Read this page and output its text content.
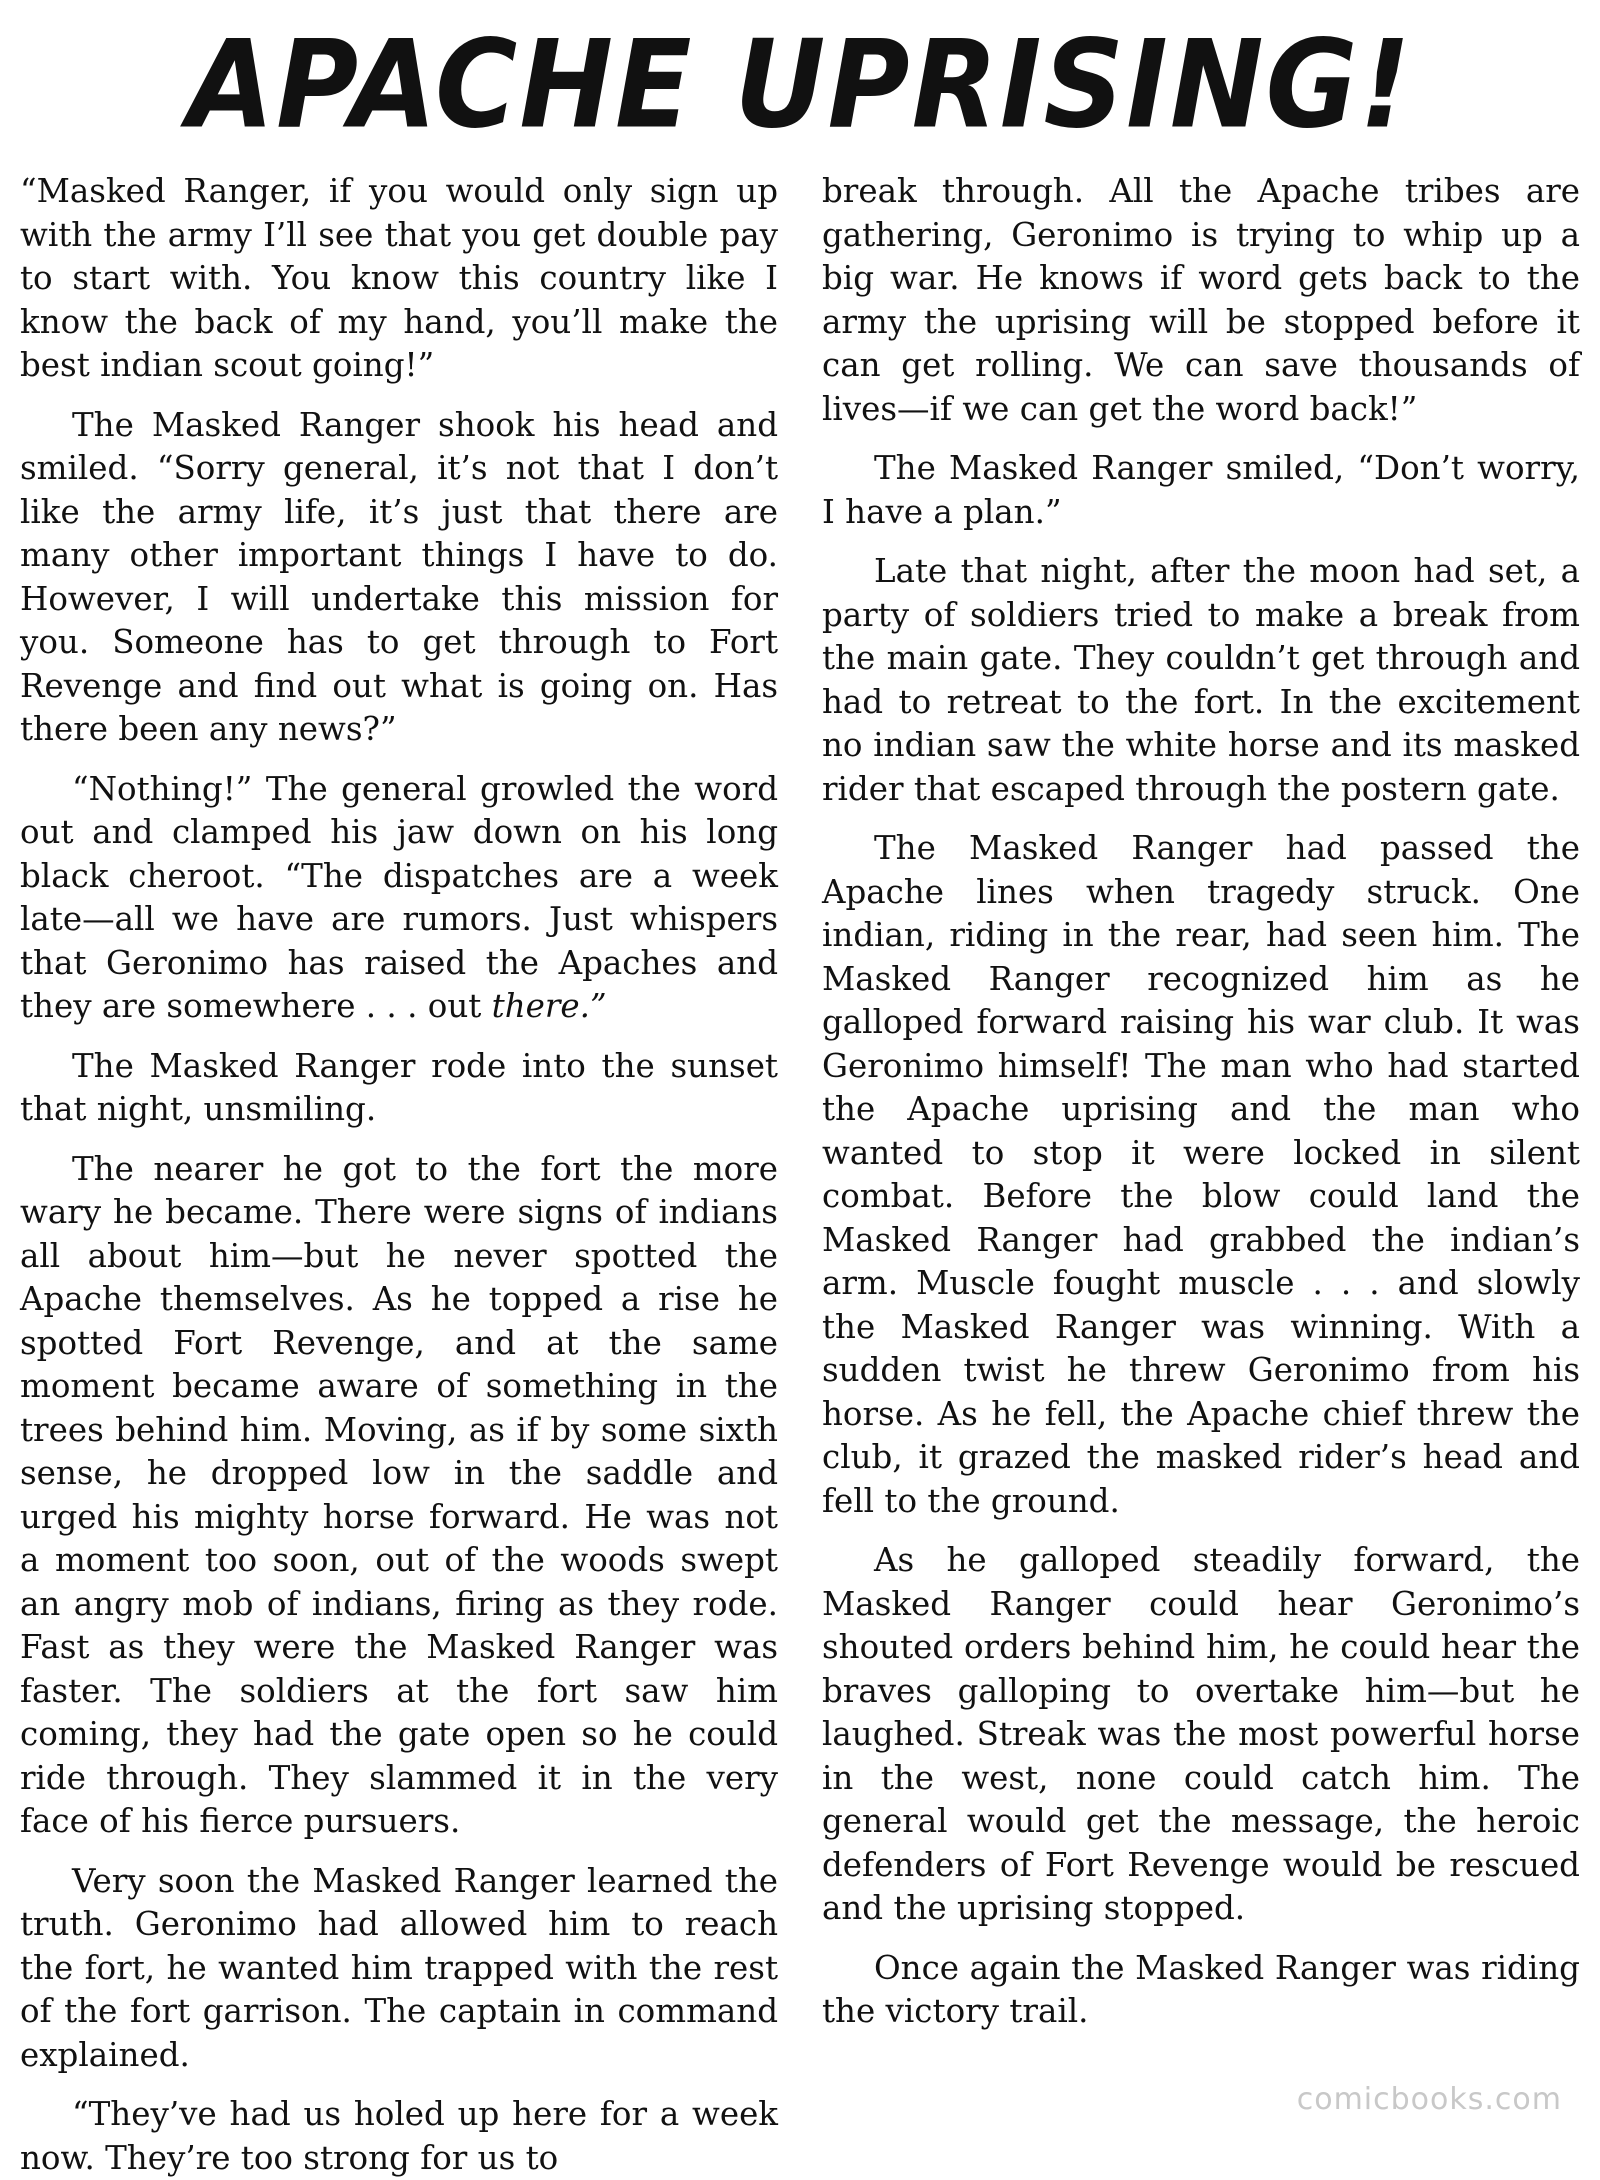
APACHE UPRISING!

“Masked Ranger, if you would only sign up with the army I’ll see that you get double pay to start with. You know this country like I know the back of my hand, you’ll make the best indian scout going!”

The Masked Ranger shook his head and smiled. “Sorry general, it’s not that I don’t like the army life, it’s just that there are many other important things I have to do. However, I will undertake this mission for you. Someone has to get through to Fort Revenge and find out what is going on. Has there been any news?”

“Nothing!” The general growled the word out and clamped his jaw down on his long black cheroot. “The dispatches are a week late—all we have are rumors. Just whispers that Geronimo has raised the Apaches and they are somewhere . . . out there.”

The Masked Ranger rode into the sunset that night, unsmiling.

The nearer he got to the fort the more wary he became. There were signs of indians all about him—but he never spotted the Apache themselves. As he topped a rise he spotted Fort Revenge, and at the same moment became aware of something in the trees behind him. Moving, as if by some sixth sense, he dropped low in the saddle and urged his mighty horse forward. He was not a moment too soon, out of the woods swept an angry mob of indians, firing as they rode. Fast as they were the Masked Ranger was faster. The soldiers at the fort saw him coming, they had the gate open so he could ride through. They slammed it in the very face of his fierce pursuers.

Very soon the Masked Ranger learned the truth. Geronimo had allowed him to reach the fort, he wanted him trapped with the rest of the fort garrison. The captain in command explained.

“They’ve had us holed up here for a week now. They’re too strong for us to

break through. All the Apache tribes are gathering, Geronimo is trying to whip up a big war. He knows if word gets back to the army the uprising will be stopped before it can get rolling. We can save thousands of lives—if we can get the word back!”

The Masked Ranger smiled, “Don’t worry, I have a plan.”

Late that night, after the moon had set, a party of soldiers tried to make a break from the main gate. They couldn’t get through and had to retreat to the fort. In the excitement no indian saw the white horse and its masked rider that escaped through the postern gate.

The Masked Ranger had passed the Apache lines when tragedy struck. One indian, riding in the rear, had seen him. The Masked Ranger recognized him as he galloped forward raising his war club. It was Geronimo himself! The man who had started the Apache uprising and the man who wanted to stop it were locked in silent combat. Before the blow could land the Masked Ranger had grabbed the indian’s arm. Muscle fought muscle . . . and slowly the Masked Ranger was winning. With a sudden twist he threw Geronimo from his horse. As he fell, the Apache chief threw the club, it grazed the masked rider’s head and fell to the ground.

As he galloped steadily forward, the Masked Ranger could hear Geronimo’s shouted orders behind him, he could hear the braves galloping to overtake him—but he laughed. Streak was the most powerful horse in the west, none could catch him. The general would get the message, the heroic defenders of Fort Revenge would be rescued and the uprising stopped.

Once again the Masked Ranger was riding the victory trail.

comicbooks.com
